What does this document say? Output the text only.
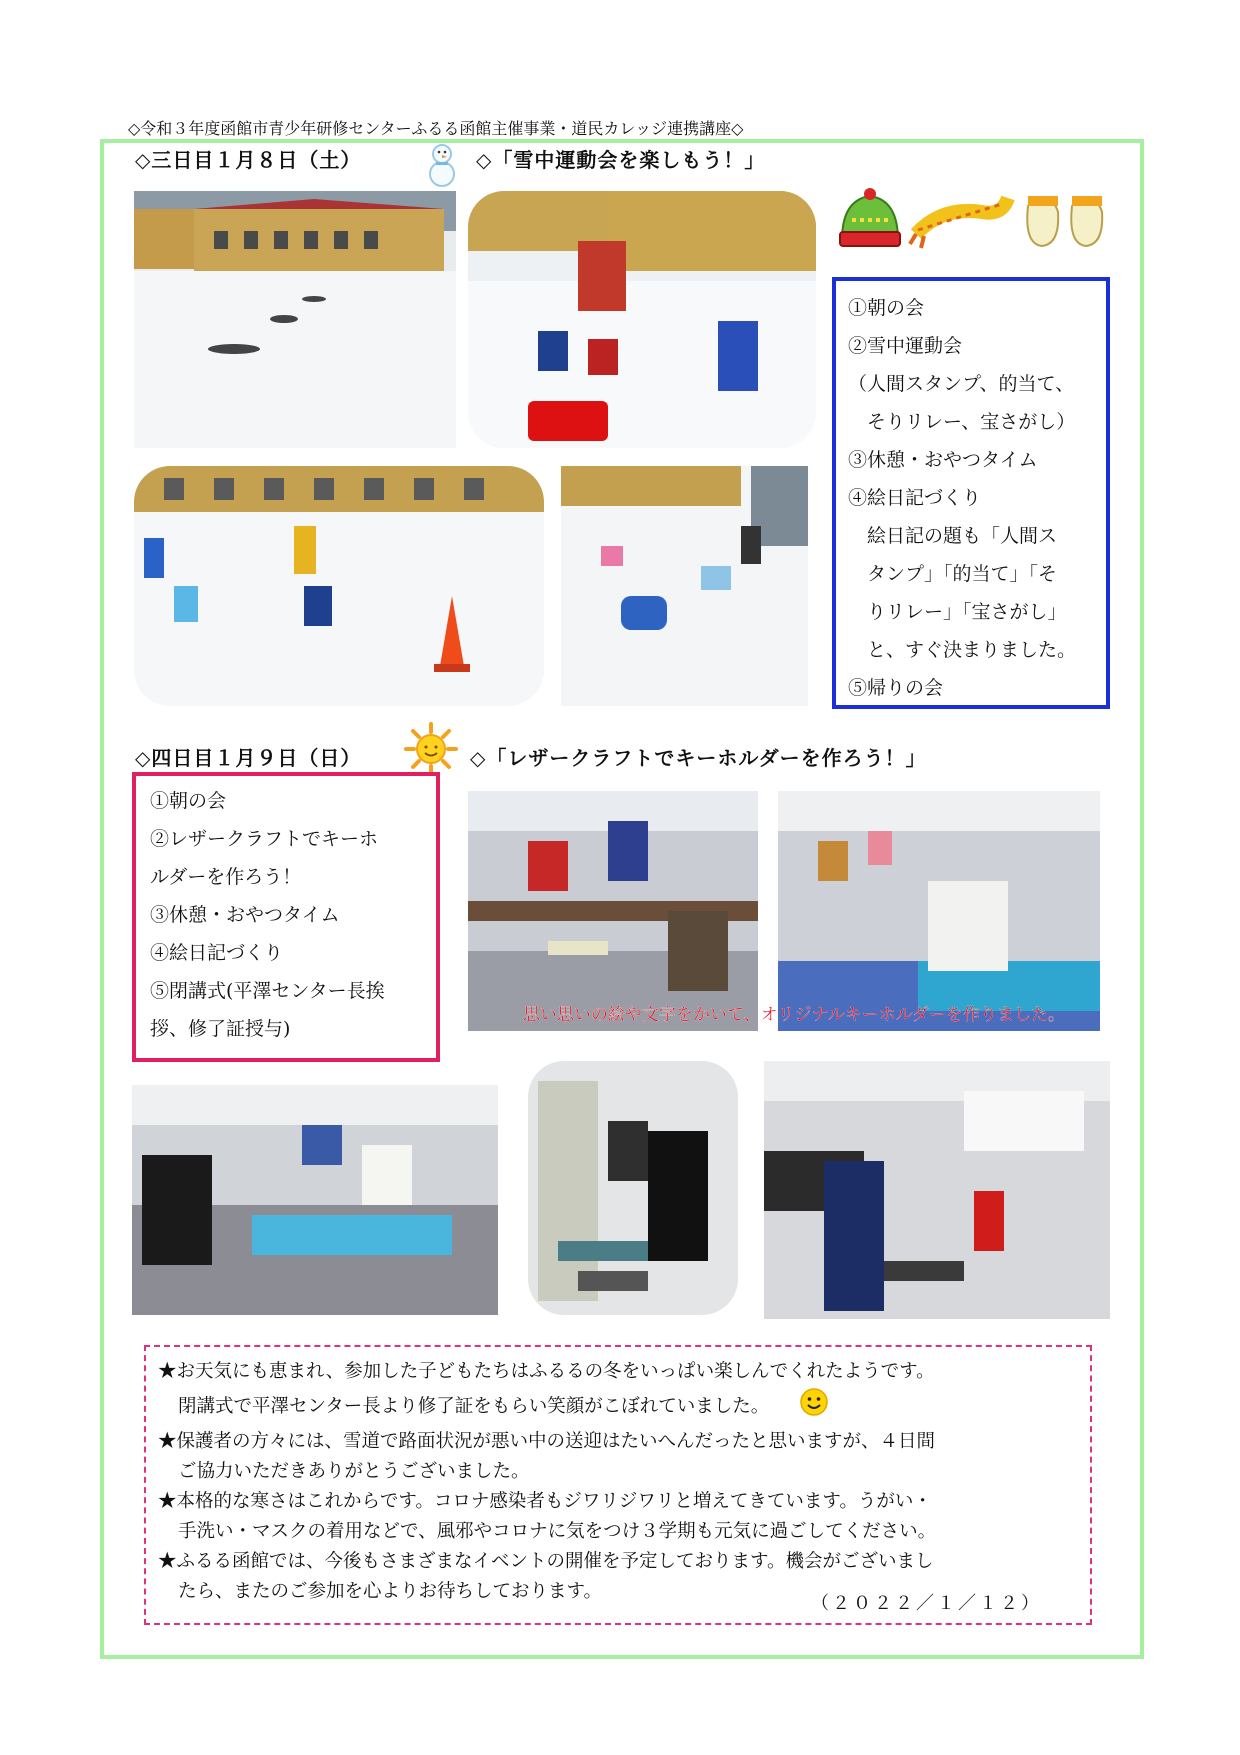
◇令和３年度函館市青少年研修センターふるる函館主催事業・道民カレッジ連携講座◇
◇三日目１月８日（土）	◇「雪中運動会を楽しもう！」
①朝の会
②雪中運動会
（人間スタンプ、的当て、
　そりリレー、宝さがし）
③休憩・おやつタイム
④絵日記づくり
　絵日記の題も「人間ス
　タンプ」「的当て」「そ
　りリレー」「宝さがし」
　と、すぐ決まりました。
⑤帰りの会
◇四日目１月９日（日）	◇「レザークラフトでキーホルダーを作ろう！」
①朝の会
②レザークラフトでキーホ
ルダーを作ろう！
③休憩・おやつタイム
④絵日記づくり
⑤閉講式(平澤センター長挨
拶、修了証授与)
思い思いの絵や文字をかいて、オリジナルキーホルダーを作りました。
★お天気にも恵まれ、参加した子どもたちはふるるの冬をいっぱい楽しんでくれたようです。
閉講式で平澤センター長より修了証をもらい笑顔がこぼれていました。
★保護者の方々には、雪道で路面状況が悪い中の送迎はたいへんだったと思いますが、４日間
ご協力いただきありがとうございました。
★本格的な寒さはこれからです。コロナ感染者もジワリジワリと増えてきています。うがい・
手洗い・マスクの着用などで、風邪やコロナに気をつけ３学期も元気に過ごしてください。
★ふるる函館では、今後もさまざまなイベントの開催を予定しております。機会がございまし
たら、またのご参加を心よりお待ちしております。
（２０２２／１／１２）
